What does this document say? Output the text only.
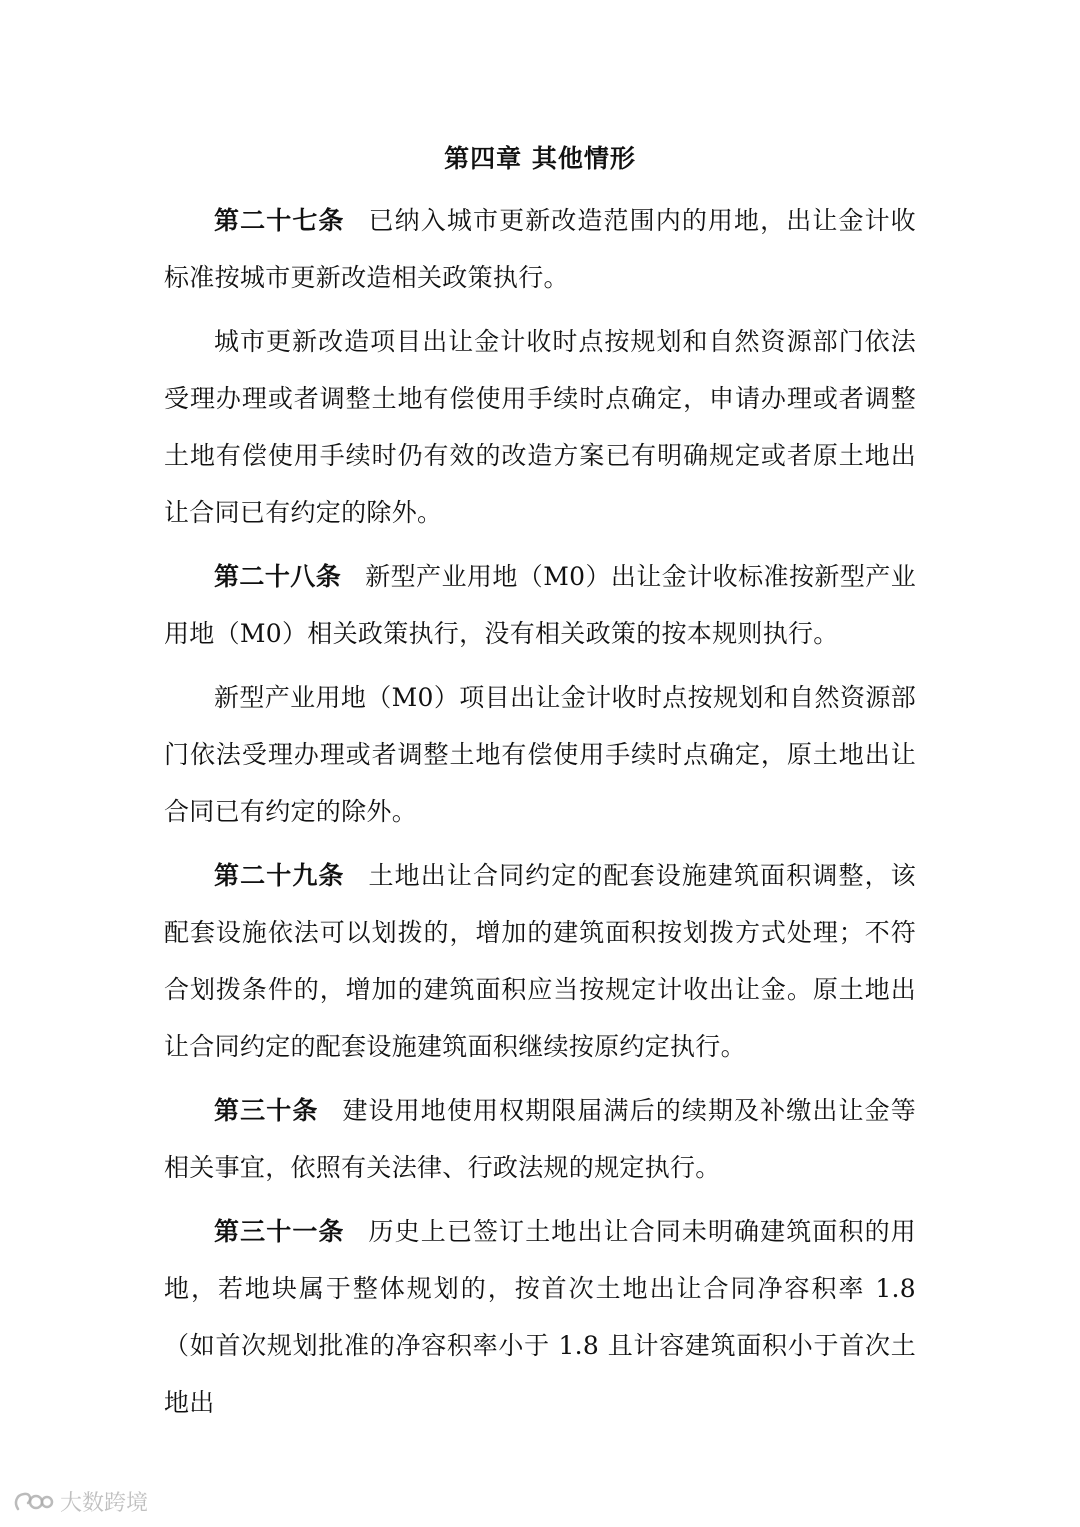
第四章 其他情形

第二十七条 已纳入城市更新改造范围内的用地，出让金计收标准按城市更新改造相关政策执行。

城市更新改造项目出让金计收时点按规划和自然资源部门依法受理办理或者调整土地有偿使用手续时点确定，申请办理或者调整土地有偿使用手续时仍有效的改造方案已有明确规定或者原土地出让合同已有约定的除外。

第二十八条 新型产业用地（M0）出让金计收标准按新型产业用地（M0）相关政策执行，没有相关政策的按本规则执行。

新型产业用地（M0）项目出让金计收时点按规划和自然资源部门依法受理办理或者调整土地有偿使用手续时点确定，原土地出让合同已有约定的除外。

第二十九条 土地出让合同约定的配套设施建筑面积调整，该配套设施依法可以划拨的，增加的建筑面积按划拨方式处理；不符合划拨条件的，增加的建筑面积应当按规定计收出让金。原土地出让合同约定的配套设施建筑面积继续按原约定执行。

第三十条 建设用地使用权期限届满后的续期及补缴出让金等相关事宜，依照有关法律、行政法规的规定执行。

第三十一条 历史上已签订土地出让合同未明确建筑面积的用地，若地块属于整体规划的，按首次土地出让合同净容积率 1.8（如首次规划批准的净容积率小于 1.8 且计容建筑面积小于首次土地出

大数跨境
